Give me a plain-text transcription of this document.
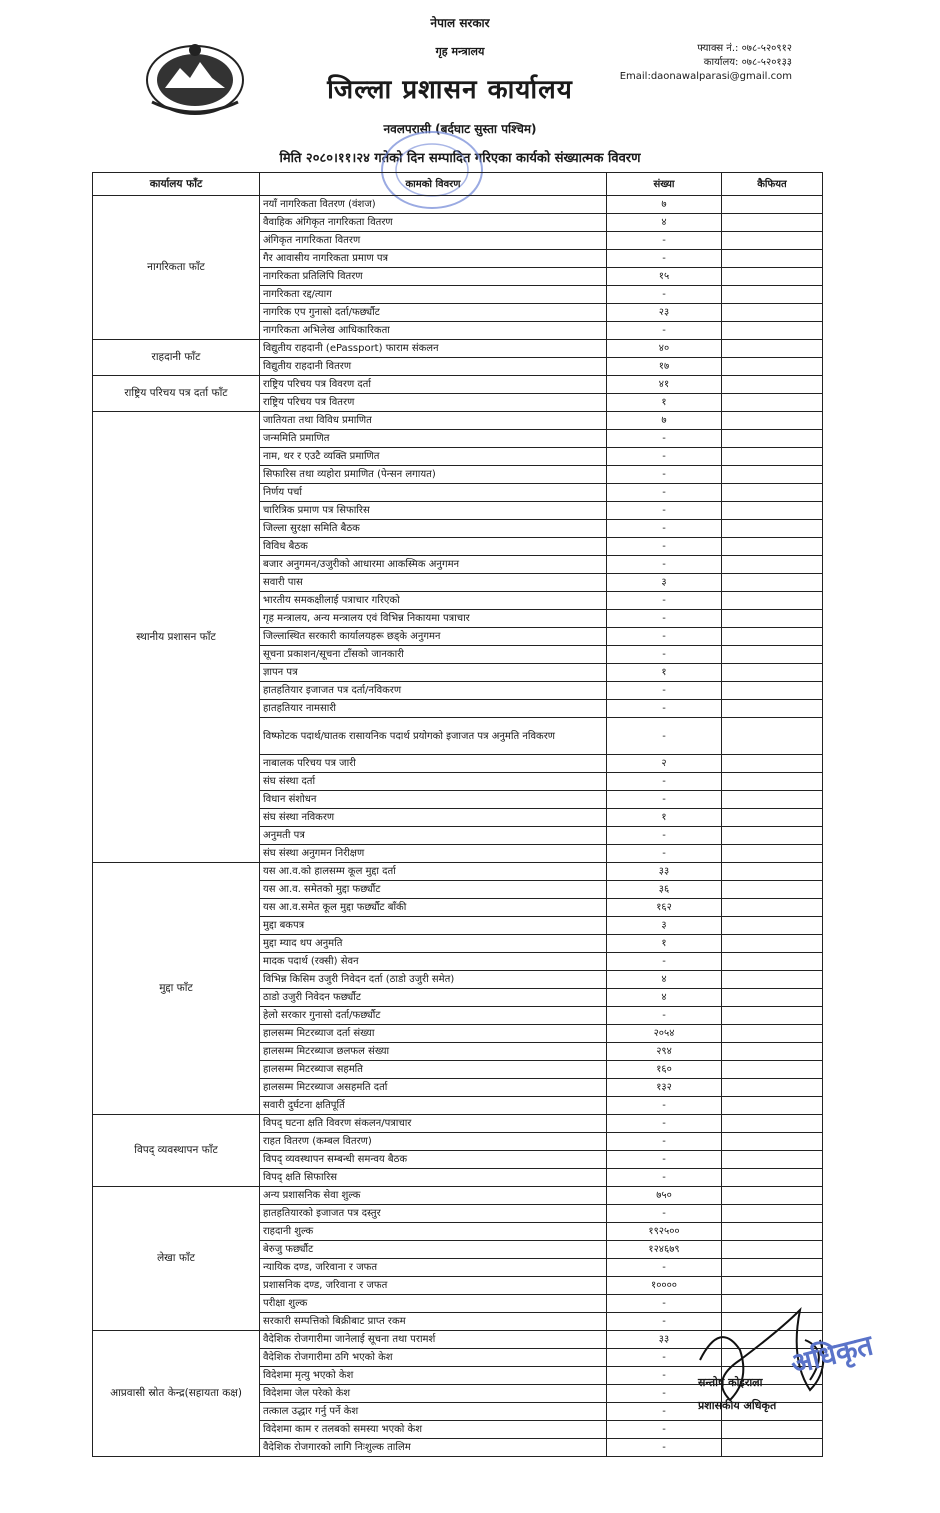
नेपाल सरकार
गृह मन्त्रालय
जिल्ला प्रशासन कार्यालय
नवलपरासी (बर्दघाट सुस्ता पश्चिम)
मिति २०८०।११।२४ गतेको दिन सम्पादित गरिएका कार्यको संख्यात्मक विवरण
फ्याक्स नं.: ०७८-५२०९१२
कार्यालय: ०७८-५२०१३३
Email:daonawalparasi@gmail.com
कार्यालय फाँट	कामको विवरण	संख्या	कैफियत
नागरिकता फाँट	नयाँ नागरिकता वितरण (वंशज)	७	
	वैवाहिक अंगिकृत नागरिकता वितरण	४	
	अंगिकृत नागरिकता वितरण	-	
	गैर आवासीय नागरिकता प्रमाण पत्र	-	
	नागरिकता प्रतिलिपि वितरण	१५	
	नागरिकता रद्द/त्याग	-	
	नागरिक एप गुनासो दर्ता/फर्छ्यौट	२३	
	नागरिकता अभिलेख आधिकारिकता	-	
राहदानी फाँट	विद्युतीय राहदानी (ePassport) फाराम संकलन	४०	
	विद्युतीय राहदानी वितरण	१७	
राष्ट्रिय परिचय पत्र दर्ता फाँट	राष्ट्रिय परिचय पत्र विवरण दर्ता	४१	
	राष्ट्रिय परिचय पत्र वितरण	१	
स्थानीय प्रशासन फाँट	जातियता तथा विविध प्रमाणित	७	
	जन्ममिति प्रमाणित	-	
	नाम, थर र एउटै व्यक्ति प्रमाणित	-	
	सिफारिस तथा व्यहोरा प्रमाणित (पेन्सन लगायत)	-	
	निर्णय पर्चा	-	
	चारित्रिक प्रमाण पत्र सिफारिस	-	
	जिल्ला सुरक्षा समिति बैठक	-	
	विविध बैठक	-	
	बजार अनुगमन/उजुरीको आधारमा आकस्मिक अनुगमन	-	
	सवारी पास	३	
	भारतीय समकक्षीलाई पत्राचार गरिएको	-	
	गृह मन्त्रालय, अन्य मन्त्रालय एवं विभिन्न निकायमा पत्राचार	-	
	जिल्लास्थित सरकारी कार्यालयहरू छड्के अनुगमन	-	
	सूचना प्रकाशन/सूचना टाँसको जानकारी	-	
	ज्ञापन पत्र	१	
	हातहतियार इजाजत पत्र दर्ता/नविकरण	-	
	हातहतियार नामसारी	-	
	विष्फोटक पदार्थ/घातक रासायनिक पदार्थ प्रयोगको इजाजत पत्र अनुमति नविकरण	-	
	नाबालक परिचय पत्र जारी	२	
	संघ संस्था दर्ता	-	
	विधान संशोधन	-	
	संघ संस्था नविकरण	१	
	अनुमती पत्र	-	
	संघ संस्था अनुगमन निरीक्षण	-	
मुद्दा फाँट	यस आ.व.को हालसम्म कूल मुद्दा दर्ता	३३	
	यस आ.व. समेतको मुद्दा फर्छ्यौट	३६	
	यस आ.व.समेत कूल मुद्दा फर्छ्यौट बाँकी	१६२	
	मुद्दा बकपत्र	३	
	मुद्दा म्याद थप अनुमति	१	
	मादक पदार्थ (रक्सी) सेवन	-	
	विभिन्न किसिम उजुरी निवेदन दर्ता (ठाडो उजुरी समेत)	४	
	ठाडो उजुरी निवेदन फर्छ्यौट	४	
	हेलो सरकार गुनासो दर्ता/फर्छ्यौट	-	
	हालसम्म मिटरब्याज दर्ता संख्या	२०५४	
	हालसम्म मिटरब्याज छलफल संख्या	२९४	
	हालसम्म मिटरब्याज सहमति	१६०	
	हालसम्म मिटरब्याज असहमति दर्ता	१३२	
	सवारी दुर्घटना क्षतिपूर्ति	-	
विपद् व्यवस्थापन फाँट	विपद् घटना क्षति विवरण संकलन/पत्राचार	-	
	राहत वितरण (कम्बल वितरण)	-	
	विपद् व्यवस्थापन सम्बन्धी समन्वय बैठक	-	
	विपद् क्षति सिफारिस	-	
लेखा फाँट	अन्य प्रशासनिक सेवा शुल्क	७५०	
	हातहतियारको इजाजत पत्र दस्तुर	-	
	राहदानी शुल्क	१९२५००	
	बेरुजु फर्छ्यौट	१२४६७९	
	न्यायिक दण्ड, जरिवाना र जफत	-	
	प्रशासनिक दण्ड, जरिवाना र जफत	१००००	
	परीक्षा शुल्क	-	
	सरकारी सम्पत्तिको बिक्रीबाट प्राप्त रकम	-	
आप्रवासी स्रोत केन्द्र(सहायता कक्ष)	वैदेशिक रोजगारीमा जानेलाई सूचना तथा परामर्श	३३	
	वैदेशिक रोजगारीमा ठगि भएको केश	-	
	विदेशमा मृत्यु भएको केश	-	
	विदेशमा जेल परेको केश	-	
	तत्काल उद्धार गर्नु पर्ने केश	-	
	विदेशमा काम र तलबको समस्या भएको केश	-	
	वैदेशिक रोजगारको लागि निःशुल्क तालिम	-	
सन्तोष कोइराला
प्रशासकीय अधिकृत
अधिकृत
